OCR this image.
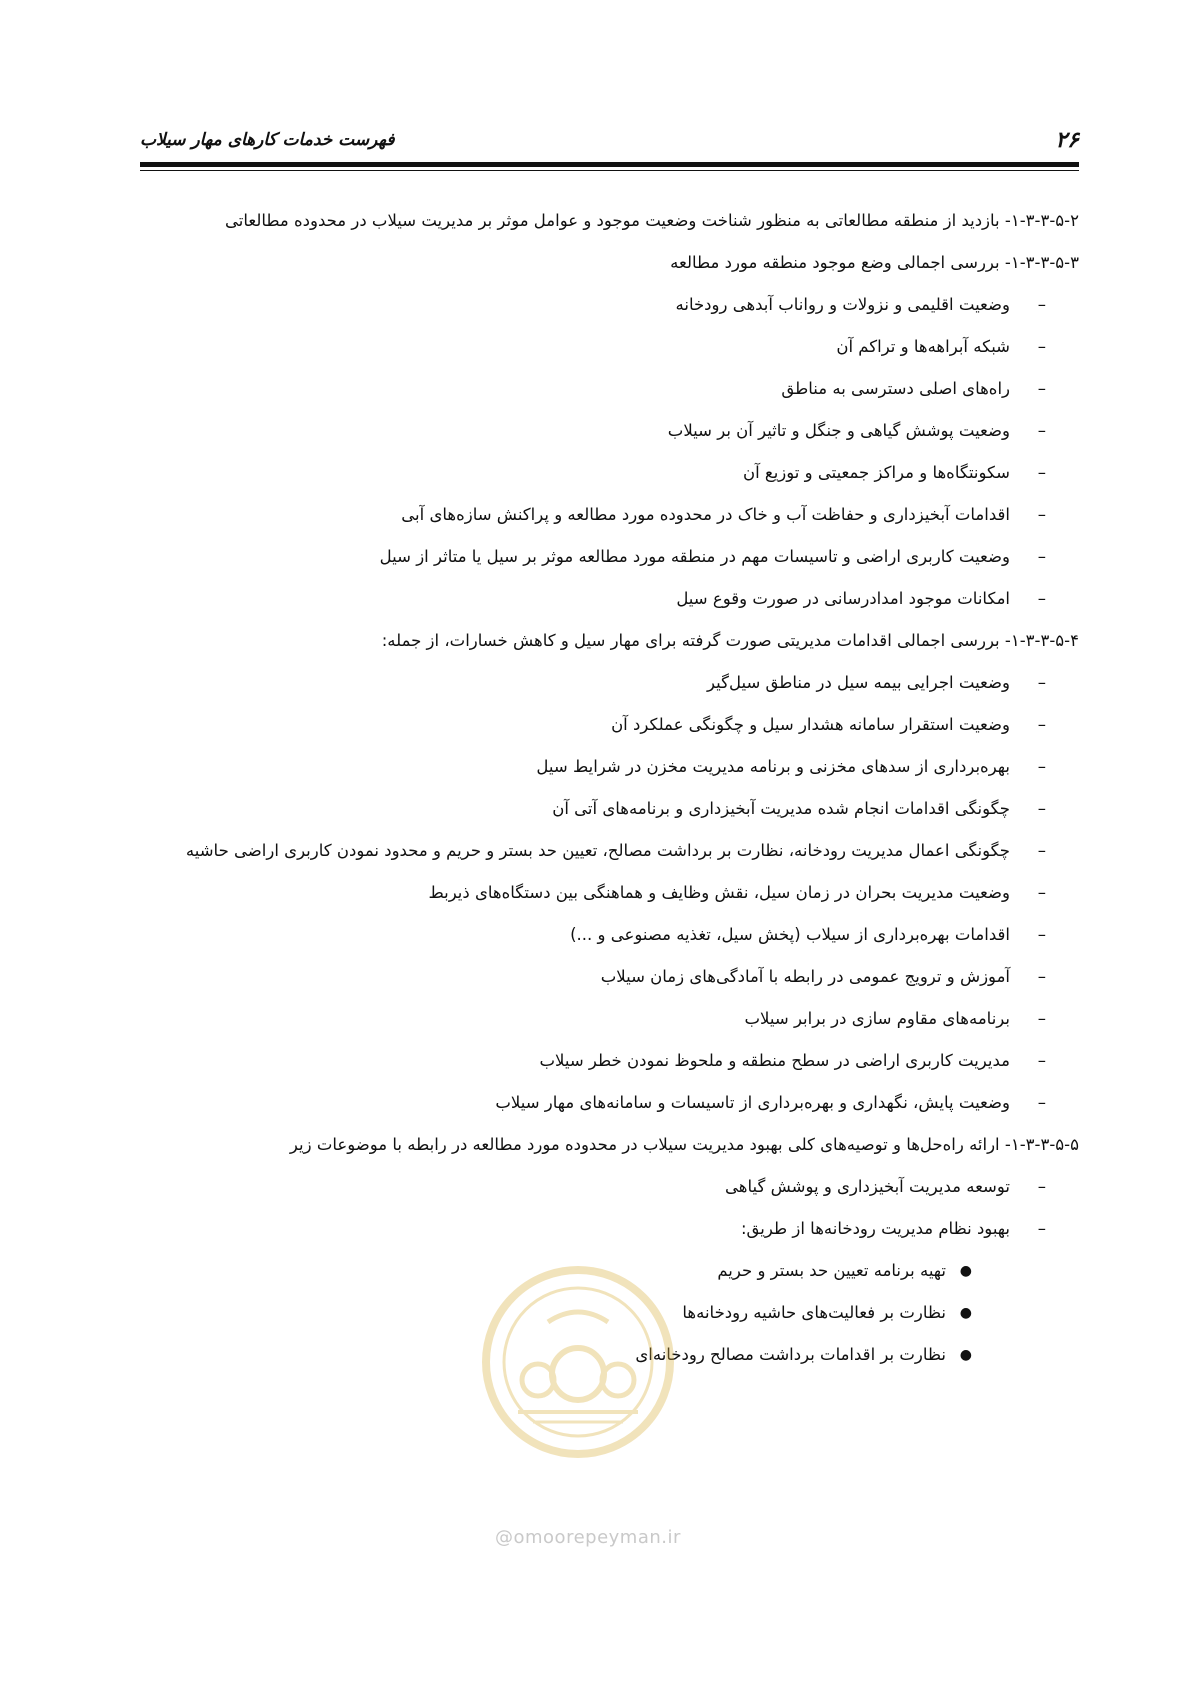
۲۶
فهرست خدمات کارهای مهار سیلاب

۱-۳-۳-۵-۲- بازدید از منطقه مطالعاتی به منظور شناخت وضعیت موجود و عوامل موثر بر مدیریت سیلاب در محدوده مطالعاتی

۱-۳-۳-۵-۳- بررسی اجمالی وضع موجود منطقه مورد مطالعه

–
وضعیت اقلیمی و نزولات و رواناب آبدهی رودخانه
–
شبکه آبراهه‌ها و تراکم آن
–
راه‌های اصلی دسترسی به مناطق
–
وضعیت پوشش گیاهی و جنگل و تاثیر آن بر سیلاب
–
سکونتگاه‌ها و مراکز جمعیتی و توزیع آن
–
اقدامات آبخیزداری و حفاظت آب و خاک در محدوده مورد مطالعه و پراکنش سازه‌های آبی
–
وضعیت کاربری اراضی و تاسیسات مهم در منطقه مورد مطالعه موثر بر سیل یا متاثر از سیل
–
امکانات موجود امدادرسانی در صورت وقوع سیل

۱-۳-۳-۵-۴- بررسی اجمالی اقدامات مدیریتی صورت گرفته برای مهار سیل و کاهش خسارات، از جمله:

–
وضعیت اجرایی بیمه سیل در مناطق سیل‌گیر
–
وضعیت استقرار سامانه هشدار سیل و چگونگی عملکرد آن
–
بهره‌برداری از سدهای مخزنی و برنامه مدیریت مخزن در شرایط سیل
–
چگونگی اقدامات انجام شده مدیریت آبخیزداری و برنامه‌های آتی آن
–
چگونگی اعمال مدیریت رودخانه، نظارت بر برداشت مصالح، تعیین حد بستر و حریم و محدود نمودن کاربری اراضی حاشیه
–
وضعیت مدیریت بحران در زمان سیل، نقش وظایف و هماهنگی بین دستگاه‌های ذیربط
–
اقدامات بهره‌برداری از سیلاب (پخش سیل، تغذیه مصنوعی و ...)
–
آموزش و ترویج عمومی در رابطه با آمادگی‌های زمان سیلاب
–
برنامه‌های مقاوم سازی در برابر سیلاب
–
مدیریت کاربری اراضی در سطح منطقه و ملحوظ نمودن خطر سیلاب
–
وضعیت پایش، نگهداری و بهره‌برداری از تاسیسات و سامانه‌های مهار سیلاب

۱-۳-۳-۵-۵- ارائه راه‌حل‌ها و توصیه‌های کلی بهبود مدیریت سیلاب در محدوده مورد مطالعه در رابطه با موضوعات زیر

–
توسعه مدیریت آبخیزداری و پوشش گیاهی
–
بهبود نظام مدیریت رودخانه‌ها از طریق:
●
تهیه برنامه تعیین حد بستر و حریم
●
نظارت بر فعالیت‌های حاشیه رودخانه‌ها
●
نظارت بر اقدامات برداشت مصالح رودخانه‌ای
@omoorepeyman.ir
